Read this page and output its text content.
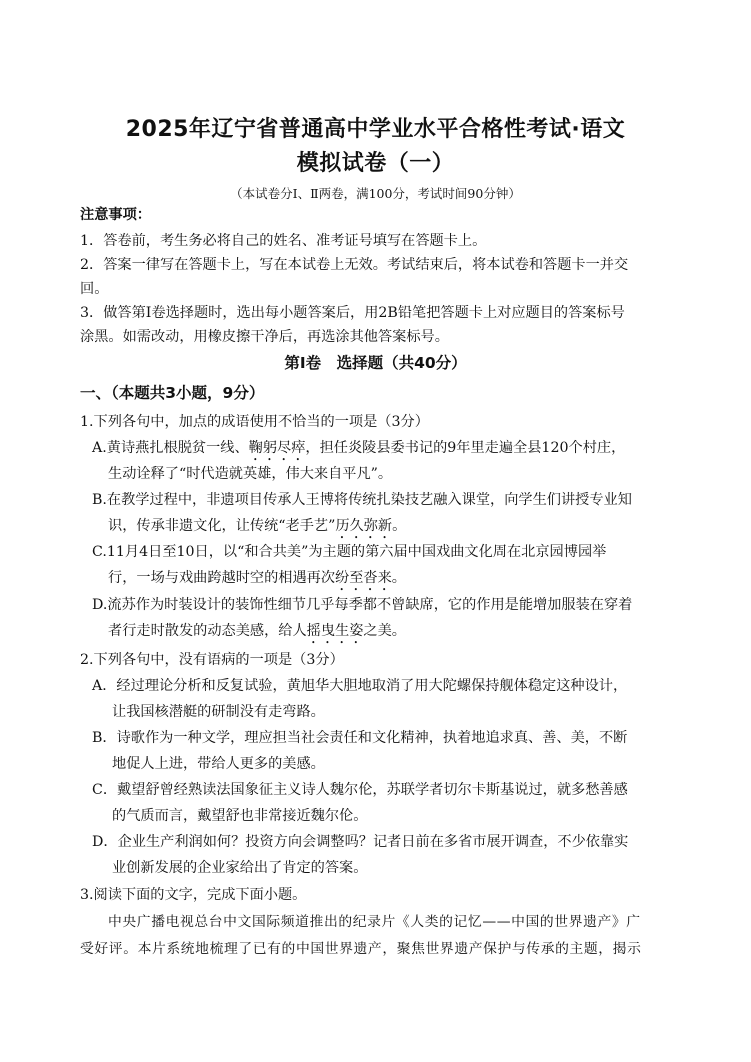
2025年辽宁省普通高中学业水平合格性考试·语文
模拟试卷（一）
（本试卷分Ⅰ、Ⅱ两卷，满100分，考试时间90分钟）
注意事项：
1．答卷前，考生务必将自己的姓名、准考证号填写在答题卡上。
2．答案一律写在答题卡上，写在本试卷上无效。考试结束后，将本试卷和答题卡一并交
回。
3．做答第Ⅰ卷选择题时，选出每小题答案后，用2B铅笔把答题卡上对应题目的答案标号
涂黑。如需改动，用橡皮擦干净后，再选涂其他答案标号。
第Ⅰ卷　选择题（共40分）
一、（本题共3小题，9分）
1.下列各句中，加点的成语使用不恰当的一项是（3分）
A.黄诗燕扎根脱贫一线、鞠躬尽瘁，担任炎陵县委书记的9年里走遍全县120个村庄，
生动诠释了“时代造就英雄，伟大来自平凡”。
B.在教学过程中，非遗项目传承人王博将传统扎染技艺融入课堂，向学生们讲授专业知
识，传承非遗文化，让传统“老手艺”历久弥新。
C.11月4日至10日，以“和合共美”为主题的第六届中国戏曲文化周在北京园博园举
行，一场与戏曲跨越时空的相遇再次纷至沓来。
D.流苏作为时装设计的装饰性细节几乎每季都不曾缺席，它的作用是能增加服装在穿着
者行走时散发的动态美感，给人摇曳生姿之美。
2.下列各句中，没有语病的一项是（3分）
A．经过理论分析和反复试验，黄旭华大胆地取消了用大陀螺保持舰体稳定这种设计，
让我国核潜艇的研制没有走弯路。
B．诗歌作为一种文学，理应担当社会责任和文化精神，执着地追求真、善、美，不断
地促人上进，带给人更多的美感。
C．戴望舒曾经熟读法国象征主义诗人魏尔伦，苏联学者切尔卡斯基说过，就多愁善感
的气质而言，戴望舒也非常接近魏尔伦。
D．企业生产利润如何？投资方向会调整吗？记者日前在多省市展开调查，不少依靠实
业创新发展的企业家给出了肯定的答案。
3.阅读下面的文字，完成下面小题。
中央广播电视总台中文国际频道推出的纪录片《人类的记忆——中国的世界遗产》广
受好评。本片系统地梳理了已有的中国世界遗产，聚焦世界遗产保护与传承的主题，揭示
